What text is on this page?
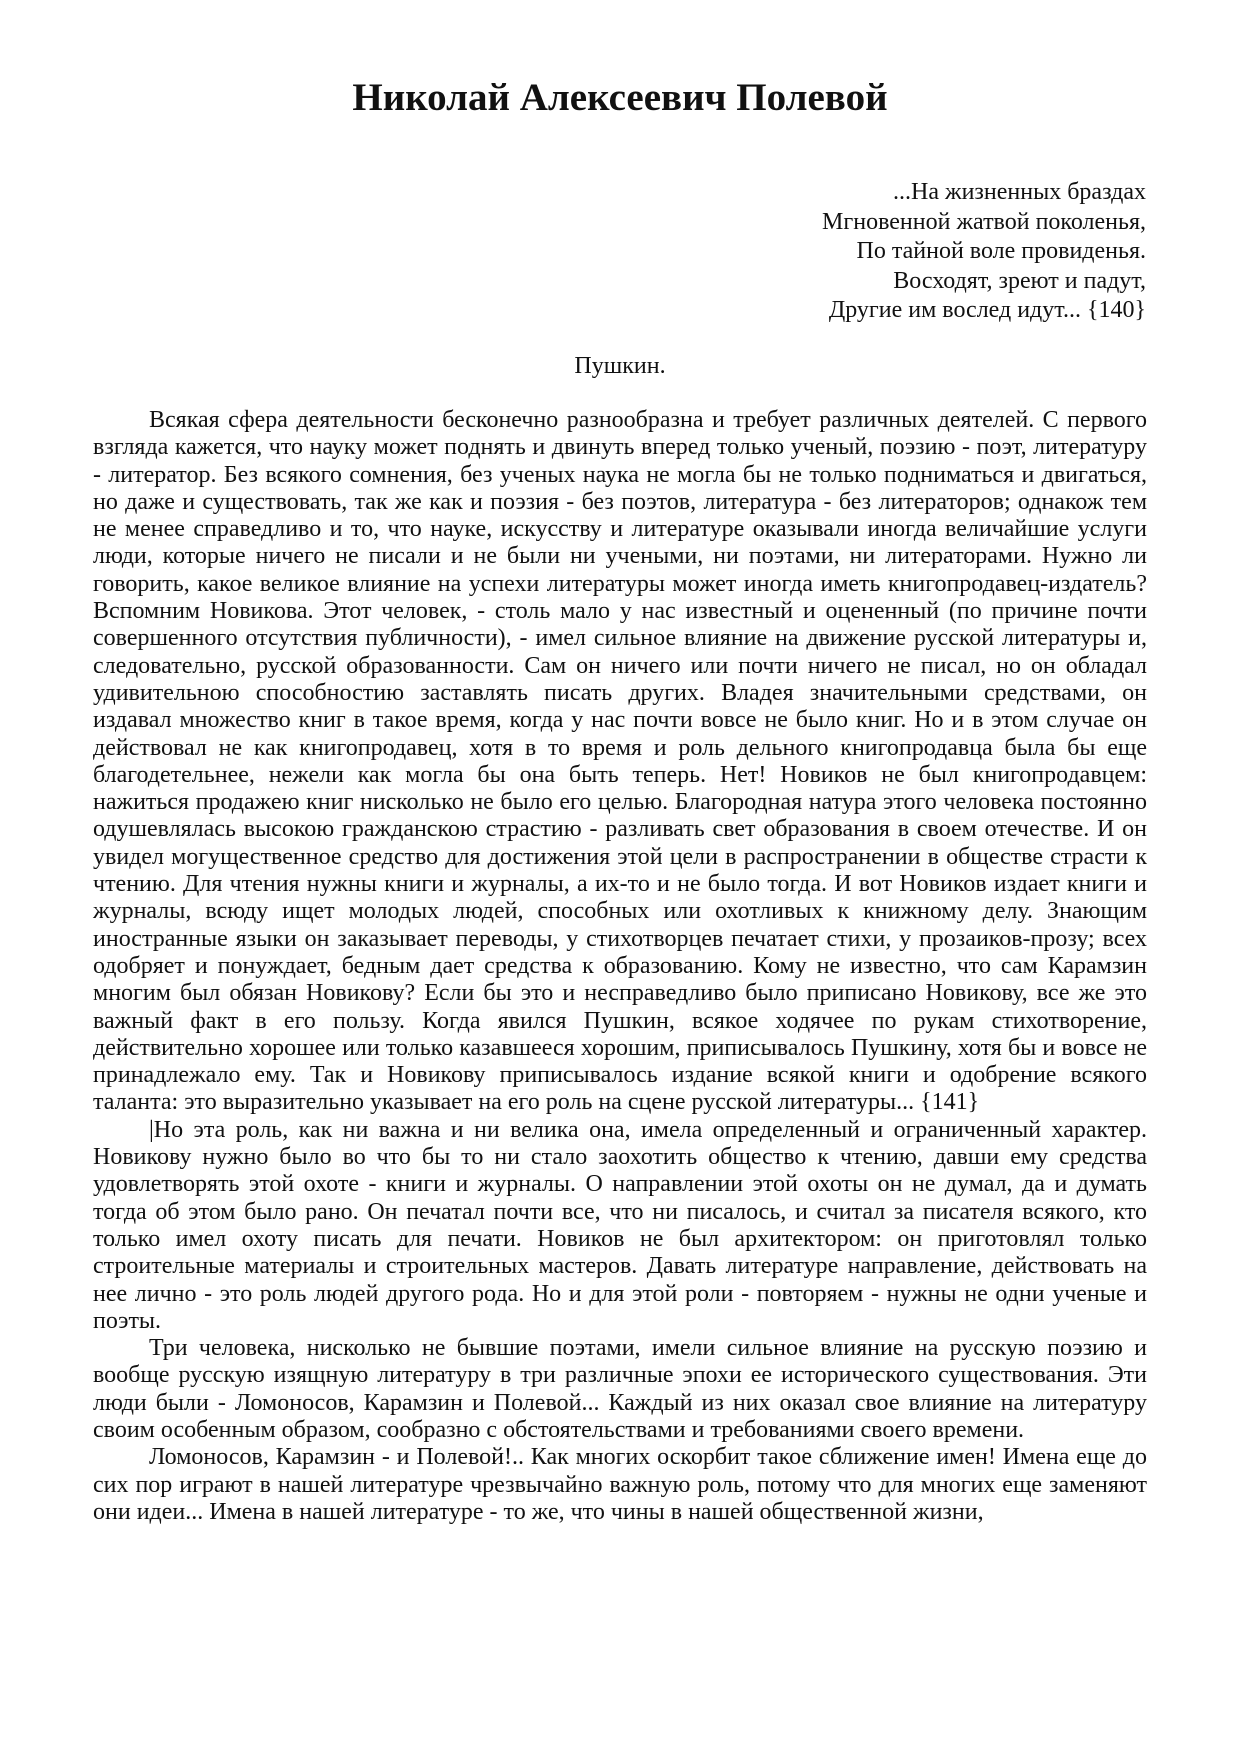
Николай Алексеевич Полевой
...На жизненных браздах
Мгновенной жатвой поколенья,
По тайной воле провиденья.
Восходят, зреют и падут,
Другие им вослед идут... {140}
Пушкин.

Всякая сфера деятельности бесконечно разнообразна и требует различных деятелей. С первого взгляда кажется, что науку может поднять и двинуть вперед только ученый, поэзию - поэт, литературу - литератор. Без всякого сомнения, без ученых наука не могла бы не только подниматься и двигаться, но даже и существовать, так же как и поэзия - без поэтов, литература - без литераторов; однакож тем не менее справедливо и то, что науке, искусству и литературе оказывали иногда величайшие услуги люди, которые ничего не писали и не были ни учеными, ни поэтами, ни литераторами. Нужно ли говорить, какое великое влияние на успехи литературы может иногда иметь книгопродавец-издатель? Вспомним Новикова. Этот человек, - столь мало у нас известный и оцененный (по причине почти совершенного отсутствия публичности), - имел сильное влияние на движение русской литературы и, следовательно, русской образованности. Сам он ничего или почти ничего не писал, но он обладал удивительною способностию заставлять писать других. Владея значительными средствами, он издавал множество книг в такое время, когда у нас почти вовсе не было книг. Но и в этом случае он действовал не как книгопродавец, хотя в то время и роль дельного книгопродавца была бы еще благодетельнее, нежели как могла бы она быть теперь. Нет! Новиков не был книгопродавцем: нажиться продажею книг нисколько не было его целью. Благородная натура этого человека постоянно одушевлялась высокою гражданскою страстию - разливать свет образования в своем отечестве. И он увидел могущественное средство для достижения этой цели в распространении в обществе страсти к чтению. Для чтения нужны книги и журналы, а их-то и не было тогда. И вот Новиков издает книги и журналы, всюду ищет молодых людей, способных или охотливых к книжному делу. Знающим иностранные языки он заказывает переводы, у стихотворцев печатает стихи, у прозаиков-прозу; всех одобряет и понуждает, бедным дает средства к образованию. Кому не известно, что сам Карамзин многим был обязан Новикову? Если бы это и несправедливо было приписано Новикову, все же это важный факт в его пользу. Когда явился Пушкин, всякое ходячее по рукам стихотворение, действительно хорошее или только казавшееся хорошим, приписывалось Пушкину, хотя бы и вовсе не принадлежало ему. Так и Новикову приписывалось издание всякой книги и одобрение всякого таланта: это выразительно указывает на его роль на сцене русской литературы... {141}

|Но эта роль, как ни важна и ни велика она, имела определенный и ограниченный характер. Новикову нужно было во что бы то ни стало заохотить общество к чтению, давши ему средства удовлетворять этой охоте - книги и журналы. О направлении этой охоты он не думал, да и думать тогда об этом было рано. Он печатал почти все, что ни писалось, и считал за писателя всякого, кто только имел охоту писать для печати. Новиков не был архитектором: он приготовлял только строительные материалы и строительных мастеров. Давать литературе направление, действовать на нее лично - это роль людей другого рода. Но и для этой роли - повторяем - нужны не одни ученые и поэты.

Три человека, нисколько не бывшие поэтами, имели сильное влияние на русскую поэзию и вообще русскую изящную литературу в три различные эпохи ее исторического существования. Эти люди были - Ломоносов, Карамзин и Полевой... Каждый из них оказал свое влияние на литературу своим особенным образом, сообразно с обстоятельствами и требованиями своего времени.

Ломоносов, Карамзин - и Полевой!.. Как многих оскорбит такое сближение имен! Имена еще до сих пор играют в нашей литературе чрезвычайно важную роль, потому что для многих еще заменяют они идеи... Имена в нашей литературе - то же, что чины в нашей общественной жизни,
